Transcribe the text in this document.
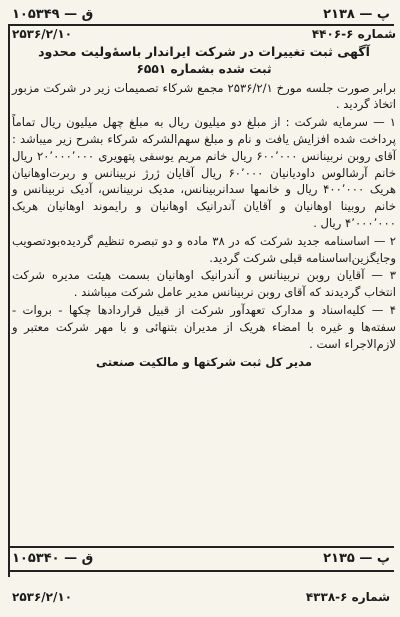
ق — ۱۰۵۳۴۹	ﭖ — ۲۱۳۸
شماره ۶-۴۴۰۶
۲۵۳۶/۲/۱۰
آگهی ثبت تغییرات در شرکت ایراندار باسهٔ‌ولیت محدود
ثبت شده بشماره ۶۵۵۱

برابر صورت جلسه مورخ ۲۵۳۶/۲/۱ مجمع شرکاء تصمیمات زیر در شرکت مزبور اتخاذ گردید .

۱ — سرمایه شرکت : از مبلغ دو میلیون ریال به مبلغ چهل میلیون ریال تماماً پرداخت شده افزایش یافت و نام و مبلغ سهم‌الشرکه شرکاء بشرح زیر میباشد : آقای روبن نربینانس ۶۰۰٬۰۰۰ ریال خانم مریم یوسفی پتهویری ۲۰٬۰۰۰٬۰۰۰ ریال خانم آرشالوس داودیانیان ۶۰٬۰۰۰ ریال آقایان ژرژ نربینانس و ربرت‌اوهانیان هریک ۴۰۰٬۰۰۰ ریال و خانمها سدانربینانس، مدیک نربینانس، آدیک نربینانس و خانم روبینا اوهانیان و آقایان آندرانیک اوهانیان و رایموند اوهانیان هریک ۴٬۰۰۰٬۰۰۰ ریال .

۲ — اساسنامه جدید شرکت که در ۳۸ ماده و دو تبصره تنظیم گردیده‌بودتصویب وجایگزین‌اساسنامه قبلی شرکت گردید.

۳ — آقایان روبن نربینانس و آندرانیک اوهانیان بسمت هیئت مدیره شرکت انتخاب گردیدند که آقای روبن نربینانس مدیر عامل شرکت میباشند .

۴ — کلیه‌اسناد و مدارک تعهدآور شرکت از قبیل قراردادها چکها - بروات - سفته‌ها و غیره با امضاء هریک از مدیران بتنهائی و با مهر شرکت معتبر و لازم‌الاجراء است .

مدیر کل ثبت شرکتها و مالکیت صنعتی
ق — ۱۰۵۳۴۰	ﭖ — ۲۱۳۵
شماره ۶-۴۳۳۸
۲۵۳۶/۲/۱۰
